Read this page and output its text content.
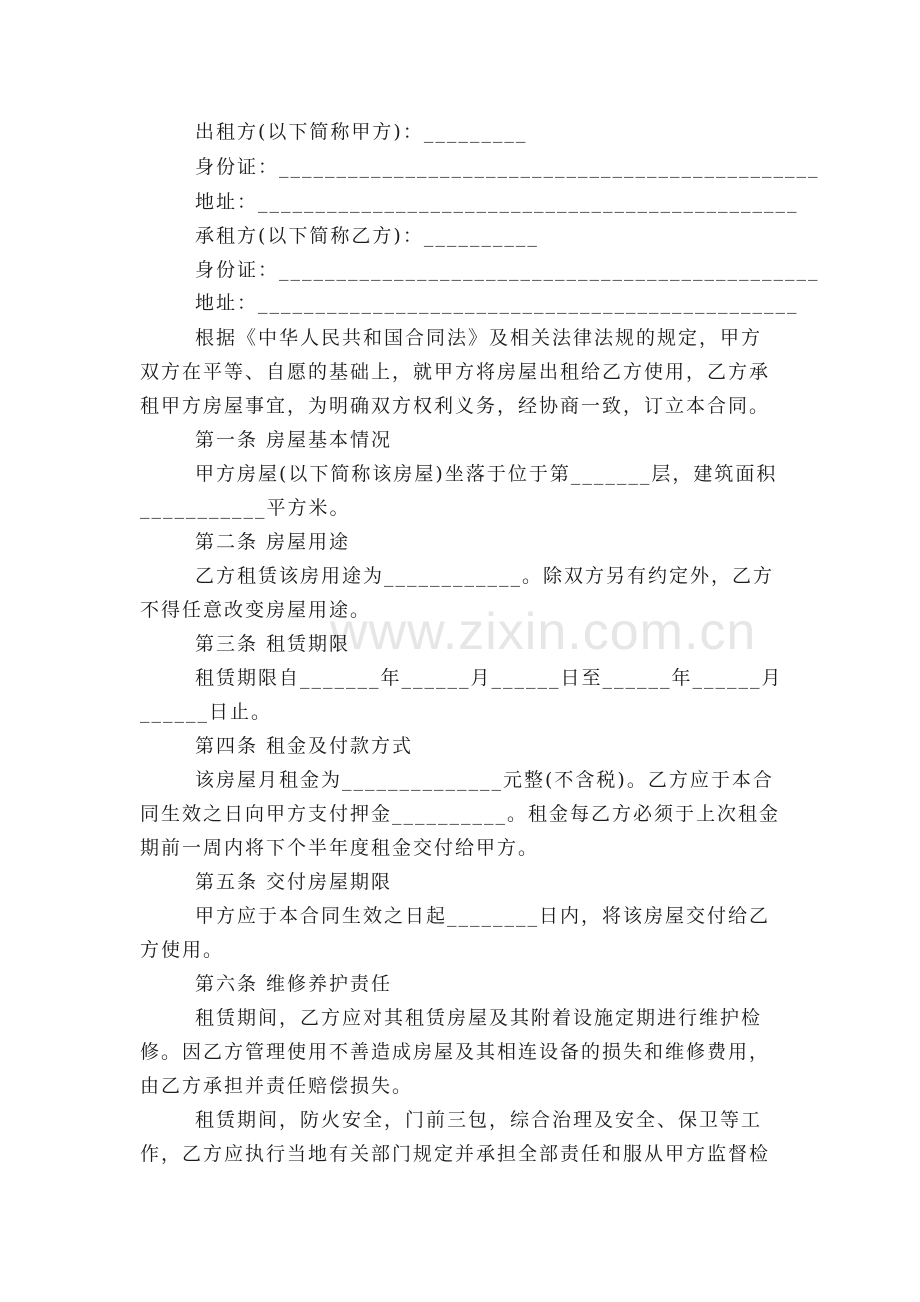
www.zixin.com.cn
出租方(以下简称甲方)：_________
身份证：_______________________________________________
地址：_______________________________________________
承租方(以下简称乙方)：__________
身份证：_______________________________________________
地址：_______________________________________________
根据《中华人民共和国合同法》及相关法律法规的规定，甲方
双方在平等、自愿的基础上，就甲方将房屋出租给乙方使用，乙方承
租甲方房屋事宜，为明确双方权利义务，经协商一致，订立本合同。
第一条 房屋基本情况
甲方房屋(以下简称该房屋)坐落于位于第_______层，建筑面积
___________平方米。
第二条 房屋用途
乙方租赁该房用途为____________。除双方另有约定外，乙方
不得任意改变房屋用途。
第三条 租赁期限
租赁期限自_______年______月______日至______年______月
______日止。
第四条 租金及付款方式
该房屋月租金为______________元整(不含税)。乙方应于本合
同生效之日向甲方支付押金__________。租金每乙方必须于上次租金
期前一周内将下个半年度租金交付给甲方。
第五条 交付房屋期限
甲方应于本合同生效之日起________日内，将该房屋交付给乙
方使用。
第六条 维修养护责任
租赁期间，乙方应对其租赁房屋及其附着设施定期进行维护检
修。因乙方管理使用不善造成房屋及其相连设备的损失和维修费用，
由乙方承担并责任赔偿损失。
租赁期间，防火安全，门前三包，综合治理及安全、保卫等工
作，乙方应执行当地有关部门规定并承担全部责任和服从甲方监督检
